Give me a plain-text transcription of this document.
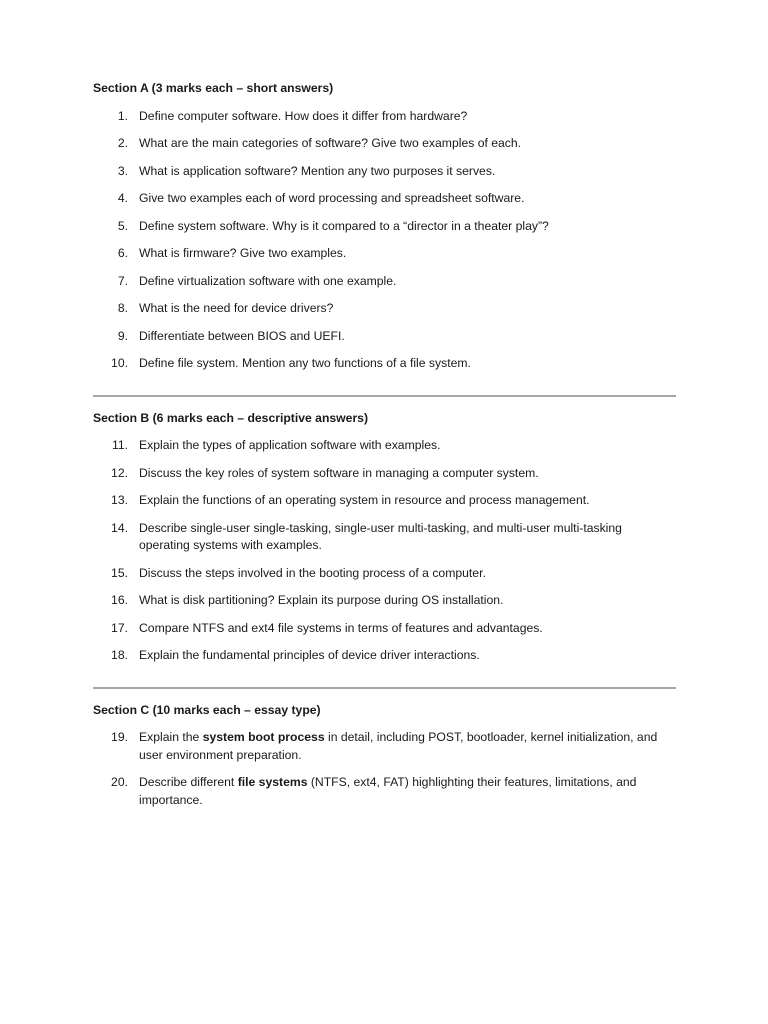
Section A (3 marks each – short answers)

1. Define computer software. How does it differ from hardware?
2. What are the main categories of software? Give two examples of each.
3. What is application software? Mention any two purposes it serves.
4. Give two examples each of word processing and spreadsheet software.
5. Define system software. Why is it compared to a “director in a theater play”?
6. What is firmware? Give two examples.
7. Define virtualization software with one example.
8. What is the need for device drivers?
9. Differentiate between BIOS and UEFI.
10. Define file system. Mention any two functions of a file system.

Section B (6 marks each – descriptive answers)

11. Explain the types of application software with examples.
12. Discuss the key roles of system software in managing a computer system.
13. Explain the functions of an operating system in resource and process management.
14. Describe single-user single-tasking, single-user multi-tasking, and multi-user multi-tasking operating systems with examples.
15. Discuss the steps involved in the booting process of a computer.
16. What is disk partitioning? Explain its purpose during OS installation.
17. Compare NTFS and ext4 file systems in terms of features and advantages.
18. Explain the fundamental principles of device driver interactions.

Section C (10 marks each – essay type)

19. Explain the system boot process in detail, including POST, bootloader, kernel initialization, and user environment preparation.
20. Describe different file systems (NTFS, ext4, FAT) highlighting their features, limitations, and importance.
